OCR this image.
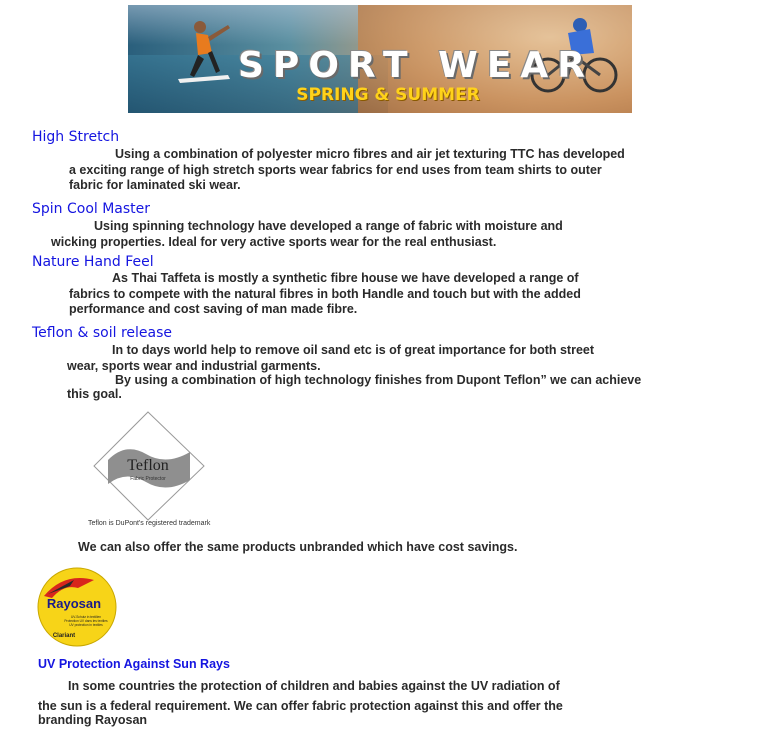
SPORT WEAR
SPRING & SUMMER
High Stretch

Using a combination of polyester micro fibres and air jet texturing TTC has developed

a exciting range of high stretch sports wear fabrics for end uses from team shirts to outer

fabric for laminated ski wear.

Spin Cool Master

Using spinning technology have developed a range of fabric with moisture and

wicking properties. Ideal for very active sports wear for the real enthusiast.

Nature Hand Feel

As Thai Taffeta is mostly a synthetic fibre house we have developed a range of

fabrics to compete with the natural fibres in both Handle and touch but with the added

performance and cost saving of man made fibre.

Teflon & soil release

In to days world help to remove oil sand etc is of great importance for both street

wear, sports wear and industrial garments.

By using a combination of high technology finishes from Dupont Teflon” we can achieve

this goal.

Teflon
Fabric Protector
Teflon is DuPont's registered trademark

We can also offer the same products unbranded which have cost savings.

Rayosan
UV-Schutz in textilien
Protection UV dans les textiles
UV protection in textiles
Clariant
UV Protection Against Sun Rays

In some countries the protection of children and babies against the UV radiation of

the sun is a federal requirement. We can offer fabric protection against this and offer the

branding Rayosan
